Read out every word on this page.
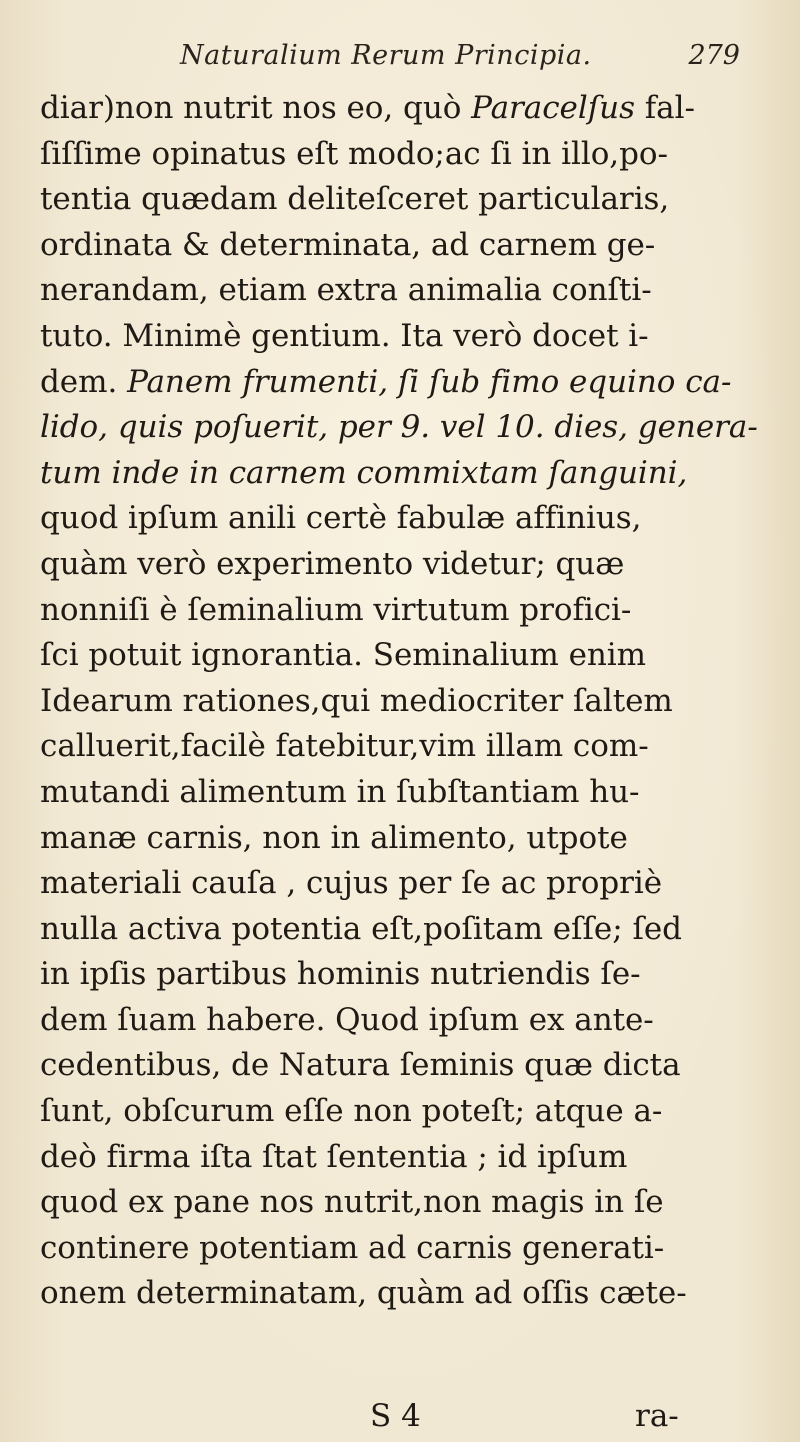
Naturalium Rerum Principia.	279
diar)non nutrit nos eo, quò Paracelſus fal-
ſiſſime opinatus eſt modo;ac ſi in illo,po-
tentia quædam deliteſceret particularis,
ordinata & determinata, ad carnem ge-
nerandam, etiam extra animalia conſti-
tuto. Minimè gentium. Ita verò docet i-
dem. Panem frumenti, ſi ſub fimo equino ca-
lido, quis poſuerit, per 9. vel 10. dies, genera-
tum inde in carnem commixtam ſanguini,
quod ipſum anili certè fabulæ affinius,
quàm verò experimento videtur; quæ
nonniſi è ſeminalium virtutum profici-
ſci potuit ignorantia. Seminalium enim
Idearum rationes,qui mediocriter ſaltem
calluerit,facilè fatebitur,vim illam com-
mutandi alimentum in ſubſtantiam hu-
manæ carnis, non in alimento, utpote
materiali cauſa , cujus per ſe ac propriè
nulla activa potentia eſt,poſitam eſſe; ſed
in ipſis partibus hominis nutriendis ſe-
dem ſuam habere. Quod ipſum ex ante-
cedentibus, de Natura ſeminis quæ dicta
ſunt, obſcurum eſſe non poteſt; atque a-
deò firma iſta ſtat ſententia ; id ipſum
quod ex pane nos nutrit,non magis in ſe
continere potentiam ad carnis generati-
onem determinatam, quàm ad oſſis cæte-
S 4	ra-
